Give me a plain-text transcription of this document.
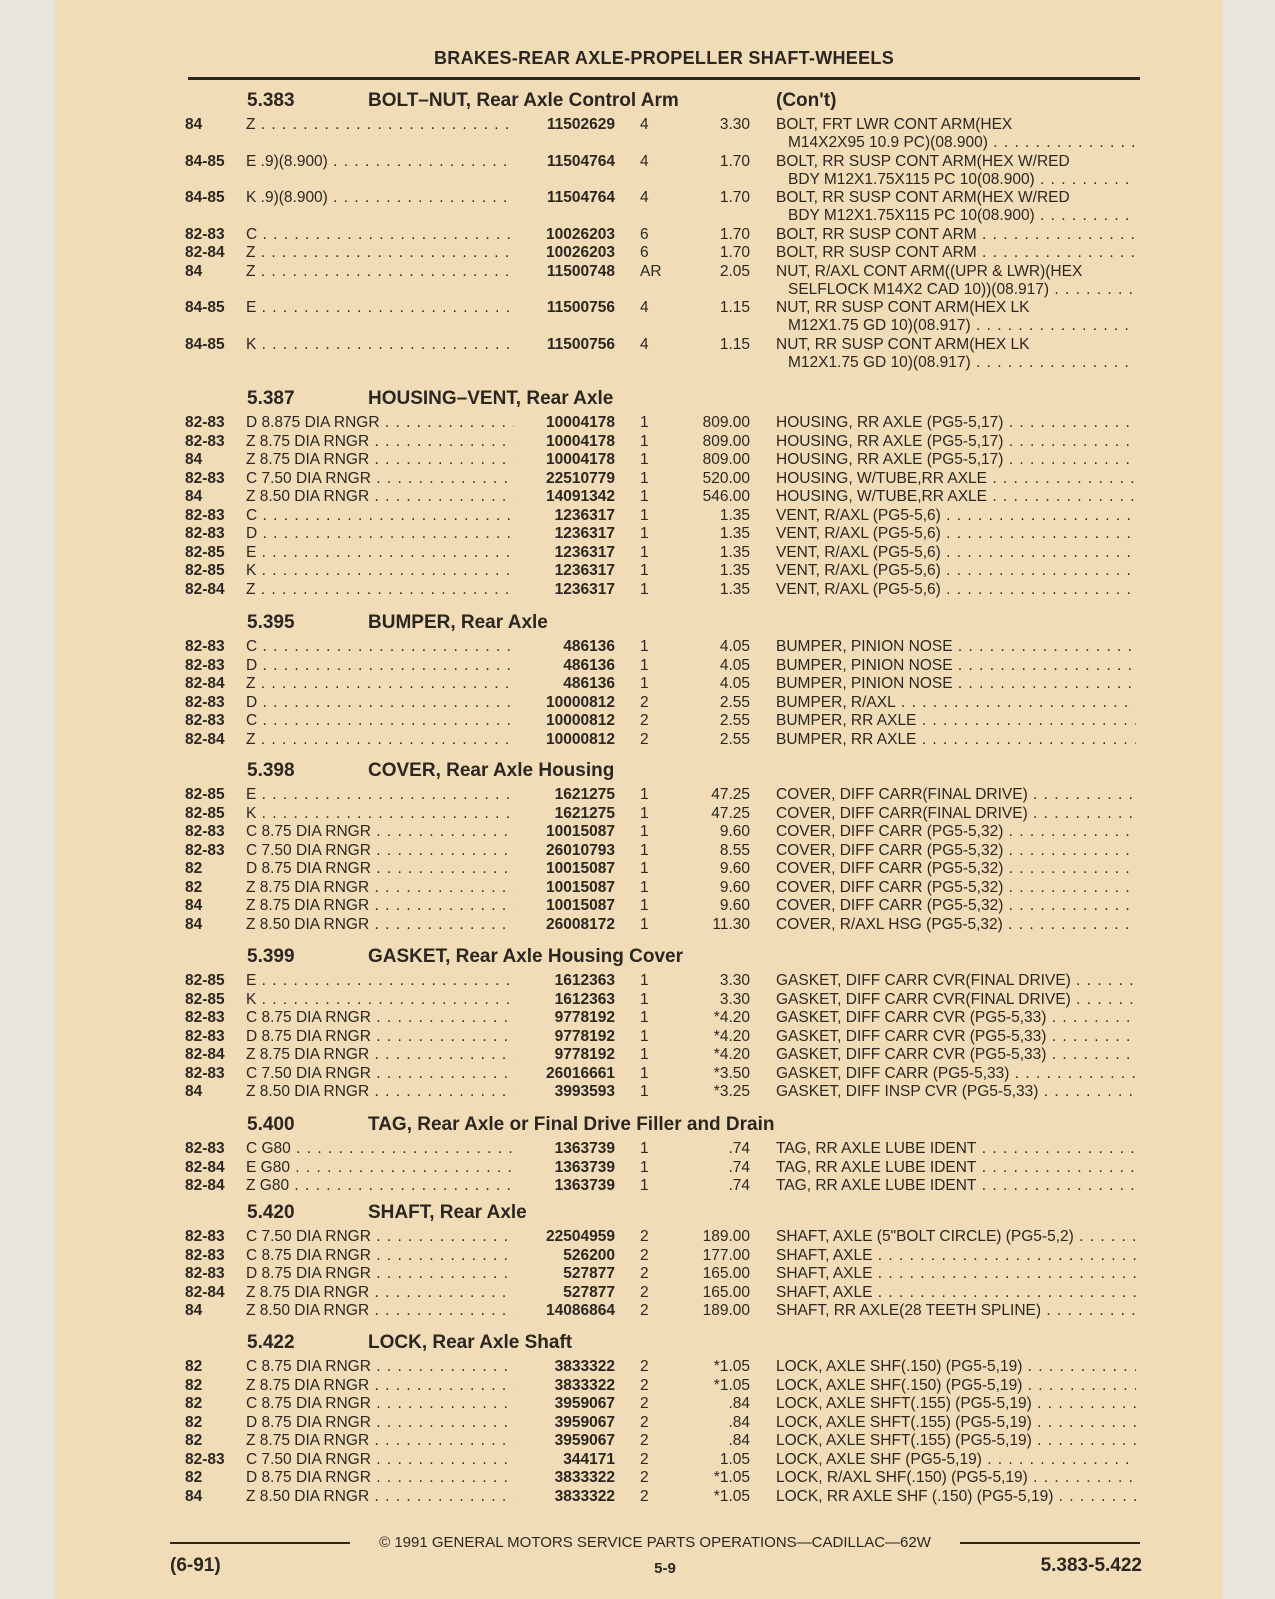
BRAKES-REAR AXLE-PROPELLER SHAFT-WHEELS
5.383	BOLT–NUT, Rear Axle Control Arm	(Con't)
84	Z . . .	11502629 4	3.30 BOLT, FRT LWR CONT ARM(HEX
M14X2X95 10.9 PC)(08.900) . . .
84-85 E .9)(8.900) . . .	11504764 4	1.70 BOLT, RR SUSP CONT ARM(HEX W/RED
BDY M12X1.75X115 PC 10(08.900) . . .
84-85 K .9)(8.900) . . .	11504764 4	1.70 BOLT, RR SUSP CONT ARM(HEX W/RED
BDY M12X1.75X115 PC 10(08.900) . . .
82-83 C . . .	10026203 6	1.70 BOLT, RR SUSP CONT ARM . . .
82-84 Z . . .	10026203 6	1.70 BOLT, RR SUSP CONT ARM . . .
84	Z . . .	11500748 AR	2.05 NUT, R/AXL CONT ARM((UPR & LWR)(HEX
SELFLOCK M14X2 CAD 10))(08.917) . . .
84-85 E . . .	11500756 4	1.15 NUT, RR SUSP CONT ARM(HEX LK
M12X1.75 GD 10)(08.917) . . .
84-85 K . . .	11500756 4	1.15 NUT, RR SUSP CONT ARM(HEX LK
M12X1.75 GD 10)(08.917) . . .
5.387	HOUSING–VENT, Rear Axle
82-83 D 8.875 DIA RNGR . . .	10004178 1	809.00 HOUSING, RR AXLE (PG5-5,17) . . .
82-83 Z 8.75 DIA RNGR . . .	10004178 1	809.00 HOUSING, RR AXLE (PG5-5,17) . . .
84	Z 8.75 DIA RNGR . . .	10004178 1	809.00 HOUSING, RR AXLE (PG5-5,17) . . .
82-83 C 7.50 DIA RNGR . . .	22510779 1	520.00 HOUSING, W/TUBE,RR AXLE . . .
84	Z 8.50 DIA RNGR . . .	14091342 1	546.00 HOUSING, W/TUBE,RR AXLE . . .
82-83 C . . .	1236317 1	1.35 VENT, R/AXL (PG5-5,6) . . .
82-83 D . . .	1236317 1	1.35 VENT, R/AXL (PG5-5,6) . . .
82-85 E . . .	1236317 1	1.35 VENT, R/AXL (PG5-5,6) . . .
82-85 K . . .	1236317 1	1.35 VENT, R/AXL (PG5-5,6) . . .
82-84 Z . . .	1236317 1	1.35 VENT, R/AXL (PG5-5,6) . . .
5.395	BUMPER, Rear Axle
82-83 C . . .	486136 1	4.05 BUMPER, PINION NOSE . . .
82-83 D . . .	486136 1	4.05 BUMPER, PINION NOSE . . .
82-84 Z . . .	486136 1	4.05 BUMPER, PINION NOSE . . .
82-83 D . . .	10000812 2	2.55 BUMPER, R/AXL . . .
82-83 C . . .	10000812 2	2.55 BUMPER, RR AXLE . . .
82-84 Z . . .	10000812 2	2.55 BUMPER, RR AXLE . . .
5.398	COVER, Rear Axle Housing
82-85 E . . .	1621275 1	47.25 COVER, DIFF CARR(FINAL DRIVE) . . .
82-85 K . . .	1621275 1	47.25 COVER, DIFF CARR(FINAL DRIVE) . . .
82-83 C 8.75 DIA RNGR . . .	10015087 1	9.60 COVER, DIFF CARR (PG5-5,32) . . .
82-83 C 7.50 DIA RNGR . . .	26010793 1	8.55 COVER, DIFF CARR (PG5-5,32) . . .
82	D 8.75 DIA RNGR . . .	10015087 1	9.60 COVER, DIFF CARR (PG5-5,32) . . .
82	Z 8.75 DIA RNGR . . .	10015087 1	9.60 COVER, DIFF CARR (PG5-5,32) . . .
84	Z 8.75 DIA RNGR . . .	10015087 1	9.60 COVER, DIFF CARR (PG5-5,32) . . .
84	Z 8.50 DIA RNGR . . .	26008172 1	11.30 COVER, R/AXL HSG (PG5-5,32) . . .
5.399	GASKET, Rear Axle Housing Cover
82-85 E . . .	1612363 1	3.30 GASKET, DIFF CARR CVR(FINAL DRIVE) . . .
82-85 K . . .	1612363 1	3.30 GASKET, DIFF CARR CVR(FINAL DRIVE) . . .
82-83 C 8.75 DIA RNGR . . .	9778192 1	*4.20 GASKET, DIFF CARR CVR (PG5-5,33) . . .
82-83 D 8.75 DIA RNGR . . .	9778192 1	*4.20 GASKET, DIFF CARR CVR (PG5-5,33) . . .
82-84 Z 8.75 DIA RNGR . . .	9778192 1	*4.20 GASKET, DIFF CARR CVR (PG5-5,33) . . .
82-83 C 7.50 DIA RNGR . . .	26016661 1	*3.50 GASKET, DIFF CARR (PG5-5,33) . . .
84	Z 8.50 DIA RNGR . . .	3993593 1	*3.25 GASKET, DIFF INSP CVR (PG5-5,33) . . .
5.400	TAG, Rear Axle or Final Drive Filler and Drain
82-83 C G80 . . .	1363739 1	.74 TAG, RR AXLE LUBE IDENT . . .
82-84 E G80 . . .	1363739 1	.74 TAG, RR AXLE LUBE IDENT . . .
82-84 Z G80 . . .	1363739 1	.74 TAG, RR AXLE LUBE IDENT . . .
5.420	SHAFT, Rear Axle
82-83 C 7.50 DIA RNGR . . .	22504959 2	189.00 SHAFT, AXLE (5"BOLT CIRCLE) (PG5-5,2) . . .
82-83 C 8.75 DIA RNGR . . .	526200 2	177.00 SHAFT, AXLE . . .
82-83 D 8.75 DIA RNGR . . .	527877 2	165.00 SHAFT, AXLE . . .
82-84 Z 8.75 DIA RNGR . . .	527877 2	165.00 SHAFT, AXLE . . .
84	Z 8.50 DIA RNGR . . .	14086864 2	189.00 SHAFT, RR AXLE(28 TEETH SPLINE) . . .
5.422	LOCK, Rear Axle Shaft
82	C 8.75 DIA RNGR . . .	3833322 2	*1.05 LOCK, AXLE SHF(.150) (PG5-5,19) . . .
82	Z 8.75 DIA RNGR . . .	3833322 2	*1.05 LOCK, AXLE SHF(.150) (PG5-5,19) . . .
82	C 8.75 DIA RNGR . . .	3959067 2	.84 LOCK, AXLE SHFT(.155) (PG5-5,19) . . .
82	D 8.75 DIA RNGR . . .	3959067 2	.84 LOCK, AXLE SHFT(.155) (PG5-5,19) . . .
82	Z 8.75 DIA RNGR . . .	3959067 2	.84 LOCK, AXLE SHFT(.155) (PG5-5,19) . . .
82-83 C 7.50 DIA RNGR . . .	344171 2	1.05 LOCK, AXLE SHF (PG5-5,19) . . .
82	D 8.75 DIA RNGR . . .	3833322 2	*1.05 LOCK, R/AXL SHF(.150) (PG5-5,19) . . .
84	Z 8.50 DIA RNGR . . .	3833322 2	*1.05 LOCK, RR AXLE SHF (.150) (PG5-5,19) . . .
© 1991 GENERAL MOTORS SERVICE PARTS OPERATIONS—CADILLAC—62W
(6-91)	5-9	5.383-5.422
